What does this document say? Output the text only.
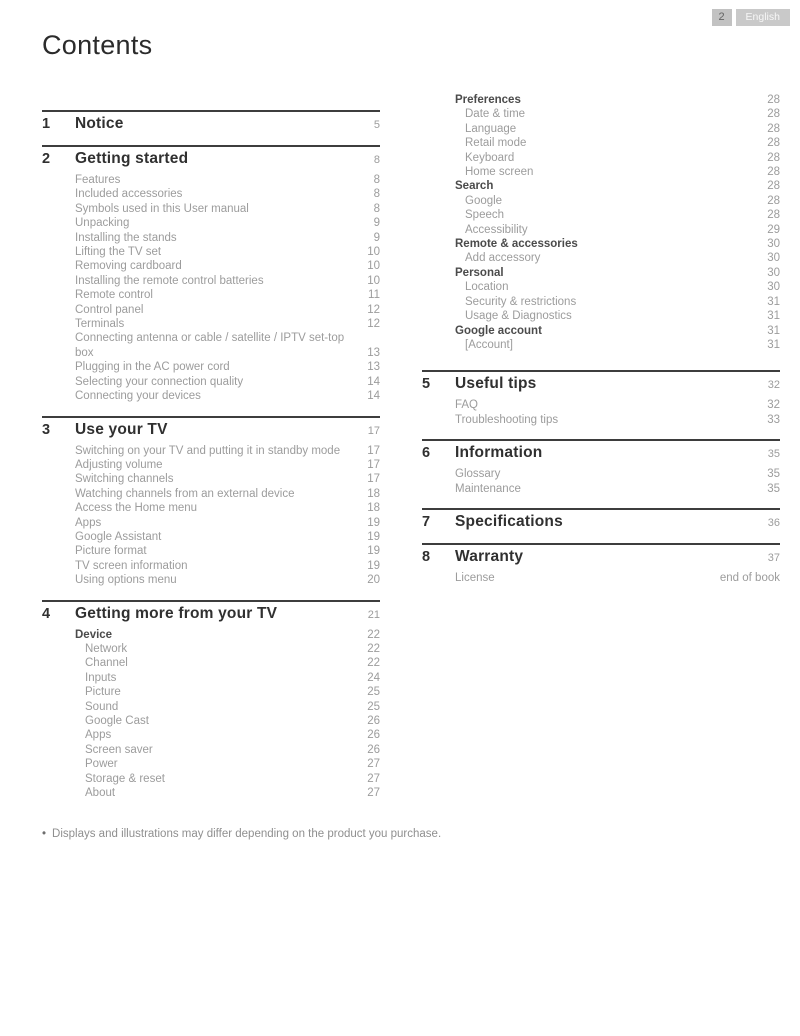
2	English
Contents
1	Notice	5
2	Getting started	8
Features	8
Included accessories	8
Symbols used in this User manual	8
Unpacking	9
Installing the stands	9
Lifting the TV set	10
Removing cardboard	10
Installing the remote control batteries	10
Remote control	11
Control panel	12
Terminals	12
Connecting antenna or cable / satellite / IPTV set-top box	13
Plugging in the AC power cord	13
Selecting your connection quality	14
Connecting your devices	14
3	Use your TV	17
Switching on your TV and putting it in standby mode	17
Adjusting volume	17
Switching channels	17
Watching channels from an external device	18
Access the Home menu	18
Apps	19
Google Assistant	19
Picture format	19
TV screen information	19
Using options menu	20
4	Getting more from your TV	21
Device	22
Network	22
Channel	22
Inputs	24
Picture	25
Sound	25
Google Cast	26
Apps	26
Screen saver	26
Power	27
Storage & reset	27
About	27
Preferences	28
Date & time	28
Language	28
Retail mode	28
Keyboard	28
Home screen	28
Search	28
Google	28
Speech	28
Accessibility	29
Remote & accessories	30
Add accessory	30
Personal	30
Location	30
Security & restrictions	31
Usage & Diagnostics	31
Google account	31
[Account]	31
5	Useful tips	32
FAQ	32
Troubleshooting tips	33
6	Information	35
Glossary	35
Maintenance	35
7	Specifications	36
8	Warranty	37
License	end of book
• Displays and illustrations may differ depending on the product you purchase.
